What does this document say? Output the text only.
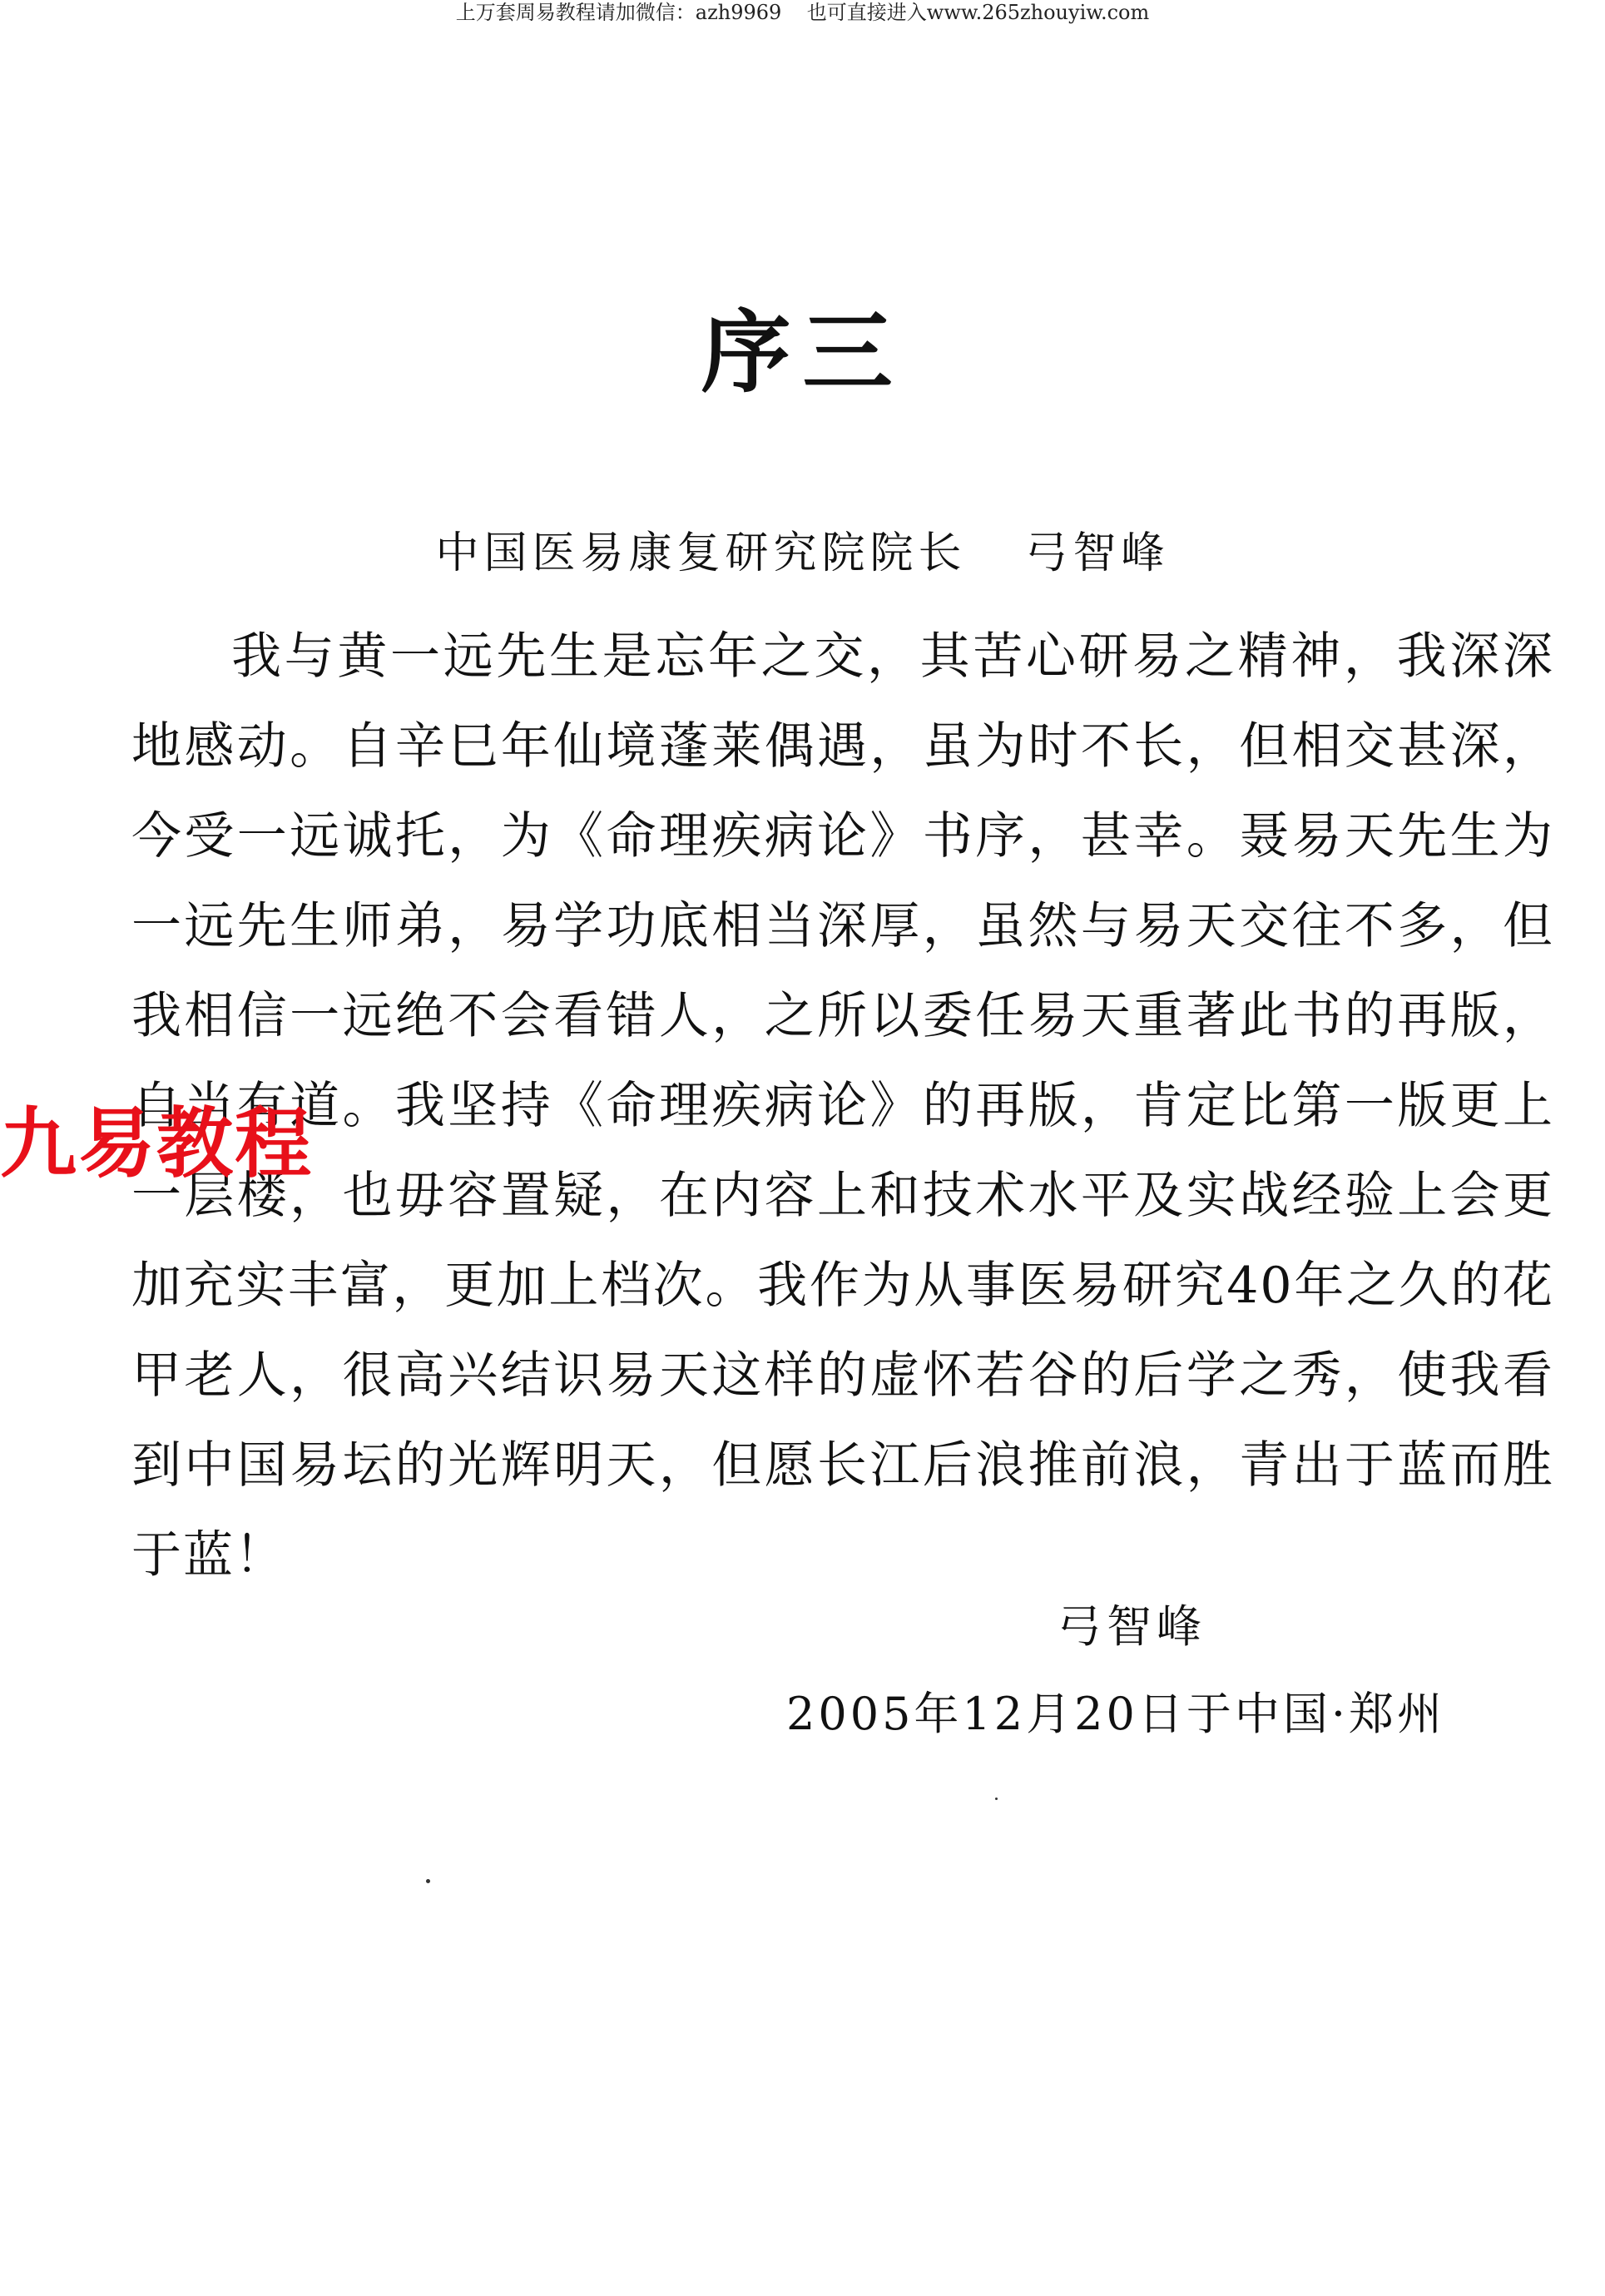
上万套周易教程请加微信：azh9969    也可直接进入www.265zhouyiw.com
序三
中国医易康复研究院院长 弓智峰
我与黄一远先生是忘年之交，其苦心研易之精神，我深深地感动。自辛巳年仙境蓬莱偶遇，虽为时不长，但相交甚深，今受一远诚托，为《命理疾病论》书序，甚幸。聂易天先生为一远先生师弟，易学功底相当深厚，虽然与易天交往不多，但我相信一远绝不会看错人，之所以委任易天重著此书的再版，自当有道。我坚持《命理疾病论》的再版，肯定比第一版更上一层楼，也毋容置疑，在内容上和技术水平及实战经验上会更加充实丰富，更加上档次。我作为从事医易研究40年之久的花甲老人，很高兴结识易天这样的虚怀若谷的后学之秀，使我看到中国易坛的光辉明天，但愿长江后浪推前浪，青出于蓝而胜于蓝！
九易教程
弓智峰
2005年12月20日于中国·郑州
